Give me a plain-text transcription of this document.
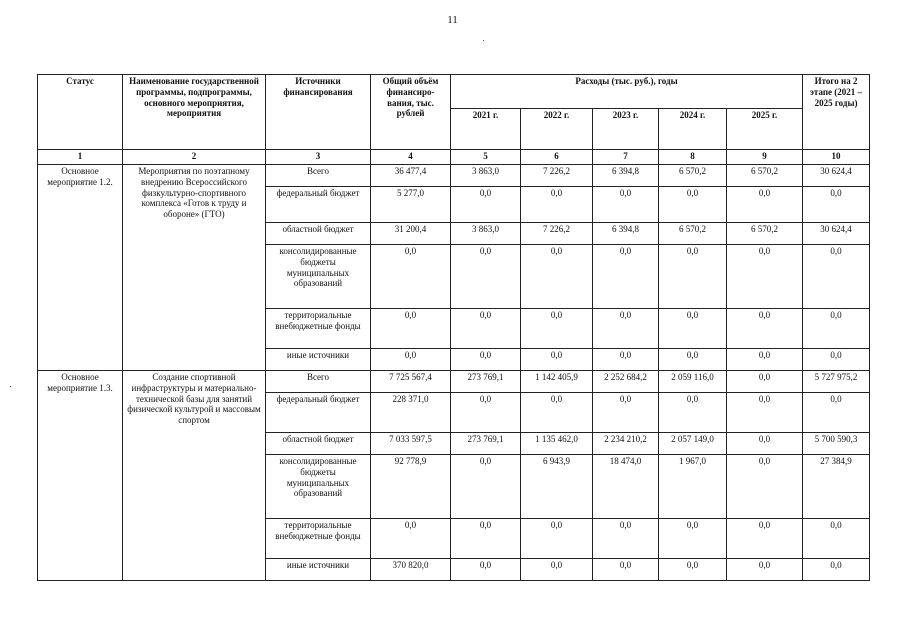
11
Статус	Наименование государственной программы, подпрограммы, основного мероприятия, мероприятия	Источники финансирования	Общий объём финансиро-вания, тыс. рублей	Расходы (тыс. руб.), годы					Итого на 2 этапе (2021 – 2025 годы)
				2021 г.	2022 г.	2023 г.	2024 г.	2025 г.	
1	2	3	4	5	6	7	8	9	10
Основное мероприятие 1.2.	Мероприятия по поэтапному внедрению Всероссийского физкультурно-спортивного комплекса «Готов к труду и обороне» (ГТО)	Всего	36 477,4	3 863,0	7 226,2	6 394,8	6 570,2	6 570,2	30 624,4
		федеральный бюджет	5 277,0	0,0	0,0	0,0	0,0	0,0	0,0
		областной бюджет	31 200,4	3 863,0	7 226,2	6 394,8	6 570,2	6 570,2	30 624,4
		консолидированные бюджеты муниципальных образований	0,0	0,0	0,0	0,0	0,0	0,0	0,0
		территориальные внебюджетные фонды	0,0	0,0	0,0	0,0	0,0	0,0	0,0
		иные источники	0,0	0,0	0,0	0,0	0,0	0,0	0,0
Основное мероприятие 1.3.	Создание спортивной инфраструктуры и материально-технической базы для занятий физической культурой и массовым спортом	Всего	7 725 567,4	273 769,1	1 142 405,9	2 252 684,2	2 059 116,0	0,0	5 727 975,2
		федеральный бюджет	228 371,0	0,0	0,0	0,0	0,0	0,0	0,0
		областной бюджет	7 033 597,5	273 769,1	1 135 462,0	2 234 210,2	2 057 149,0	0,0	5 700 590,3
		консолидированные бюджеты муниципальных образований	92 778,9	0,0	6 943,9	18 474,0	1 967,0	0,0	27 384,9
		территориальные внебюджетные фонды	0,0	0,0	0,0	0,0	0,0	0,0	0,0
		иные источники	370 820,0	0,0	0,0	0,0	0,0	0,0	0,0
